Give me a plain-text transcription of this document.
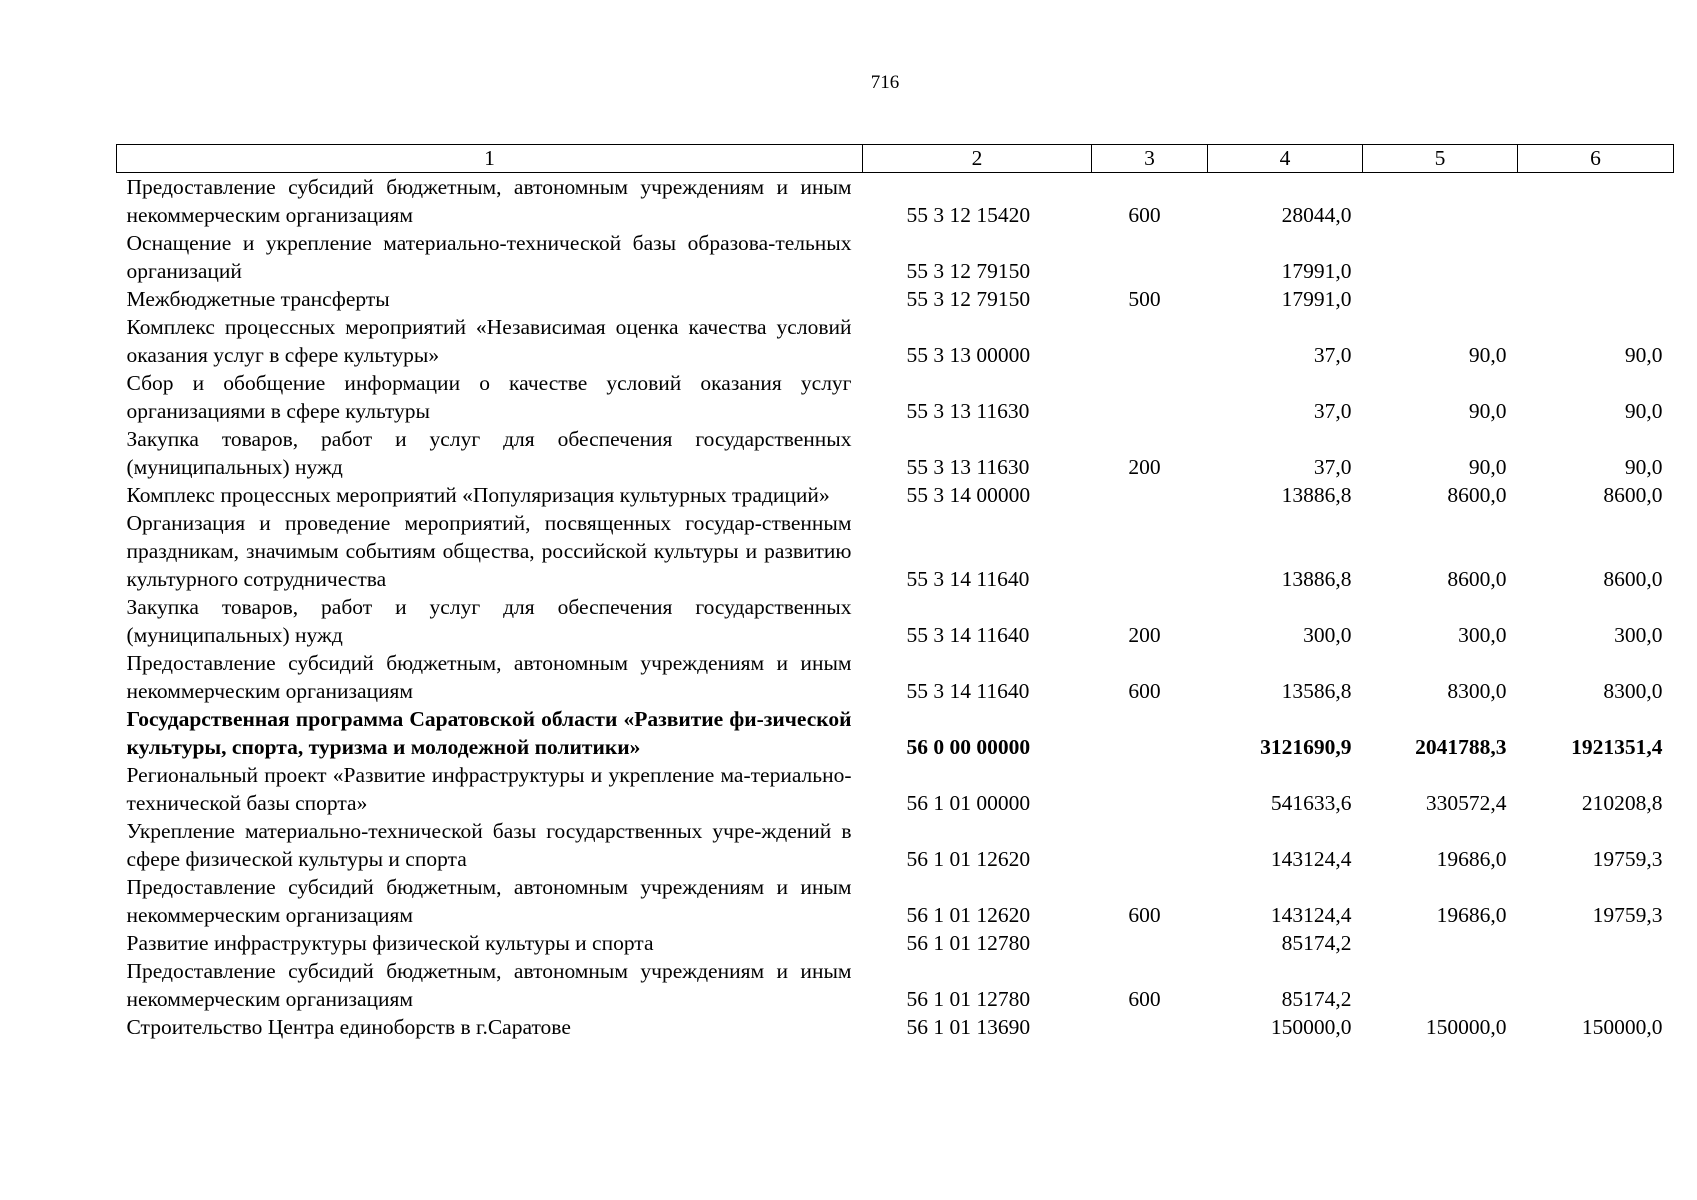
716
1	2	3	4	5	6
Предоставление субсидий бюджетным, автономным учреждениям и иным некоммерческим организациям	55 3 12 15420	600	28044,0		
Оснащение и укрепление материально-технической базы образова-тельных организаций	55 3 12 79150		17991,0		
Межбюджетные трансферты	55 3 12 79150	500	17991,0		
Комплекс процессных мероприятий «Независимая оценка качества условий оказания услуг в сфере культуры»	55 3 13 00000		37,0	90,0	90,0
Сбор и обобщение информации о качестве условий оказания услуг организациями в сфере культуры	55 3 13 11630		37,0	90,0	90,0
Закупка товаров, работ и услуг для обеспечения государственных (муниципальных) нужд	55 3 13 11630	200	37,0	90,0	90,0
Комплекс процессных мероприятий «Популяризация культурных традиций»	55 3 14 00000		13886,8	8600,0	8600,0
Организация и проведение мероприятий, посвященных государ-ственным праздникам, значимым событиям общества, российской культуры и развитию культурного сотрудничества	55 3 14 11640		13886,8	8600,0	8600,0
Закупка товаров, работ и услуг для обеспечения государственных (муниципальных) нужд	55 3 14 11640	200	300,0	300,0	300,0
Предоставление субсидий бюджетным, автономным учреждениям и иным некоммерческим организациям	55 3 14 11640	600	13586,8	8300,0	8300,0
Государственная программа Саратовской области «Развитие фи-зической культуры, спорта, туризма и молодежной политики»	56 0 00 00000		3121690,9	2041788,3	1921351,4
Региональный проект «Развитие инфраструктуры и укрепление ма-териально-технической базы спорта»	56 1 01 00000		541633,6	330572,4	210208,8
Укрепление материально-технической базы государственных учре-ждений в сфере физической культуры и спорта	56 1 01 12620		143124,4	19686,0	19759,3
Предоставление субсидий бюджетным, автономным учреждениям и иным некоммерческим организациям	56 1 01 12620	600	143124,4	19686,0	19759,3
Развитие инфраструктуры физической культуры и спорта	56 1 01 12780		85174,2		
Предоставление субсидий бюджетным, автономным учреждениям и иным некоммерческим организациям	56 1 01 12780	600	85174,2		
Строительство Центра единоборств в г.Саратове	56 1 01 13690		150000,0	150000,0	150000,0
